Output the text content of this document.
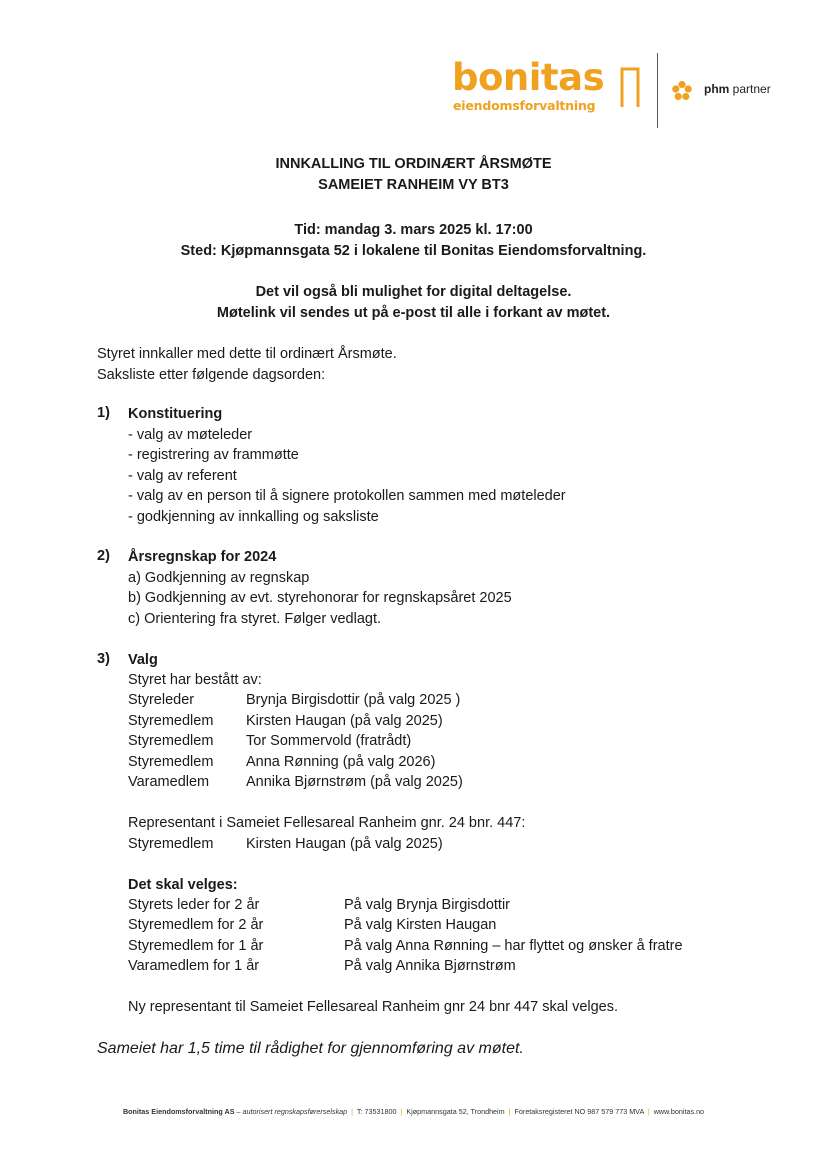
bonitas
eiendomsforvaltning
phm partner
INNKALLING TIL ORDINÆRT ÅRSMØTE
SAMEIET RANHEIM VY BT3
Tid: mandag 3. mars 2025 kl. 17:00
Sted: Kjøpmannsgata 52 i lokalene til Bonitas Eiendomsforvaltning.
Det vil også bli mulighet for digital deltagelse.
Møtelink vil sendes ut på e-post til alle i forkant av møtet.
Styret innkaller med dette til ordinært Årsmøte.
Saksliste etter følgende dagsorden:
1) Konstituering
- valg av møteleder
- registrering av frammøtte
- valg av referent
- valg av en person til å signere protokollen sammen med møteleder
- godkjenning av innkalling og saksliste
2) Årsregnskap for 2024
a) Godkjenning av regnskap
b) Godkjenning av evt. styrehonorar for regnskapsåret 2025
c) Orientering fra styret. Følger vedlagt.
3) Valg
Styret har bestått av:
Styreleder	Brynja Birgisdottir (på valg 2025 )
Styremedlem Kirsten Haugan (på valg 2025)
Styremedlem Tor Sommervold (fratrådt)
Styremedlem Anna Rønning (på valg 2026)
Varamedlem	Annika Bjørnstrøm (på valg 2025)
Representant i Sameiet Fellesareal Ranheim gnr. 24 bnr. 447:
Styremedlem Kirsten Haugan (på valg 2025)
Det skal velges:
Styrets leder for 2 år	På valg Brynja Birgisdottir
Styremedlem for 2 år	På valg Kirsten Haugan
Styremedlem for 1 år	På valg Anna Rønning – har flyttet og ønsker å fratre
Varamedlem for 1 år	På valg Annika Bjørnstrøm
Ny representant til Sameiet Fellesareal Ranheim gnr 24 bnr 447 skal velges.
Sameiet har 1,5 time til rådighet for gjennomføring av møtet.
Bonitas Eiendomsforvaltning AS – autorisert regnskapsførerselskap | T: 73531800 | Kjøpmannsgata 52, Trondheim | Foretaksregisteret NO 987 579 773 MVA | www.bonitas.no
